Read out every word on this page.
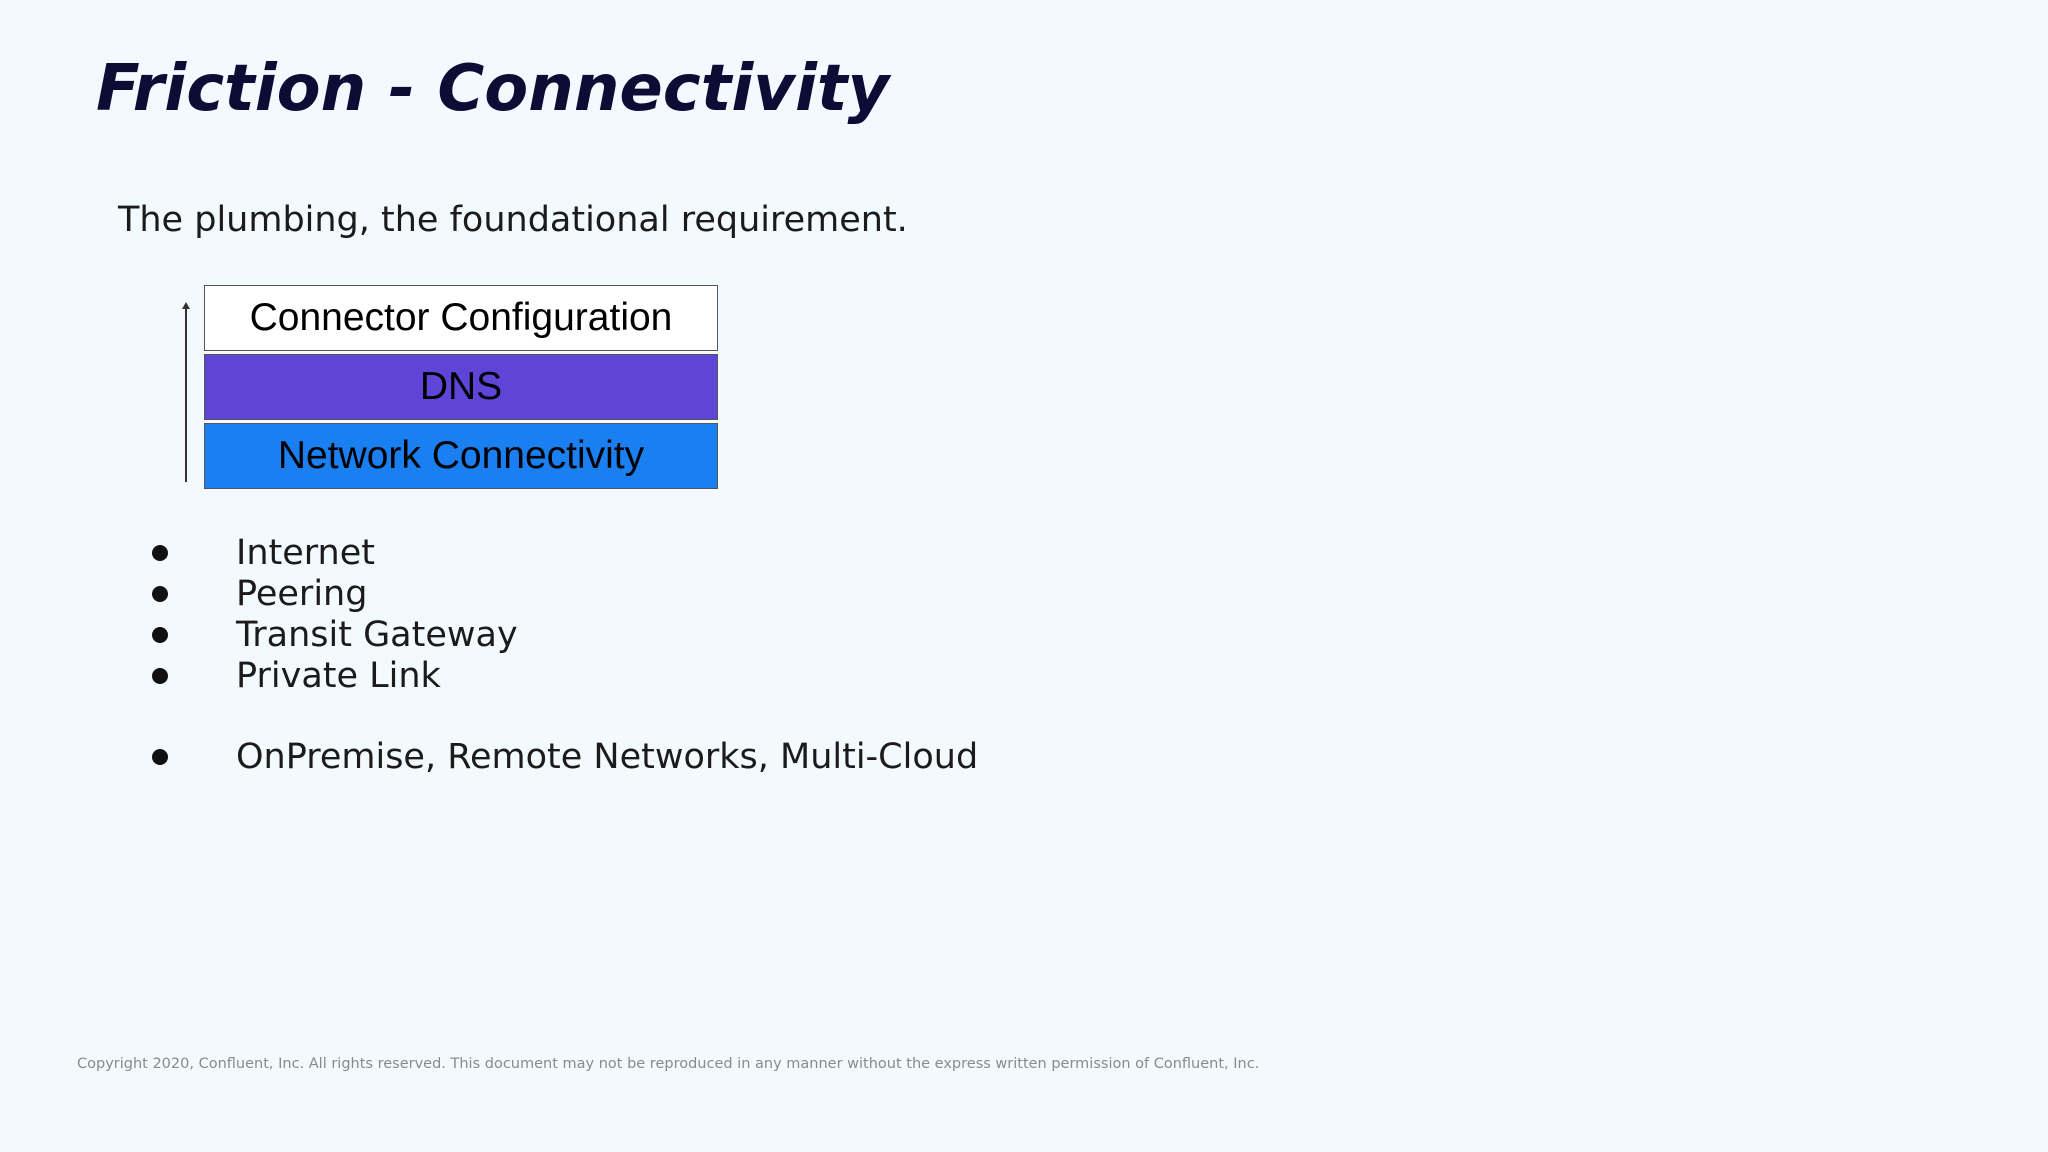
Friction - Connectivity
The plumbing, the foundational requirement.
Connector Configuration
DNS
Network Connectivity
Internet
Peering
Transit Gateway
Private Link
OnPremise, Remote Networks, Multi-Cloud
Copyright 2020, Confluent, Inc. All rights reserved. This document may not be reproduced in any manner without the express written permission of Confluent, Inc.
